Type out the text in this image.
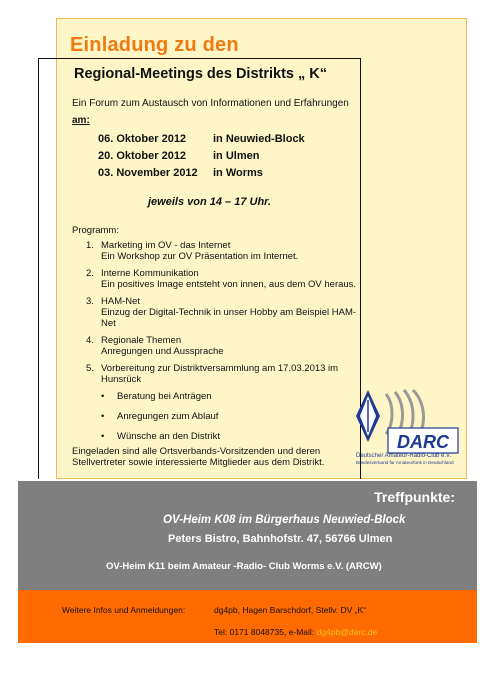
Einladung zu den
Regional-Meetings des Distrikts „ K“
Ein Forum zum Austausch von Informationen und Erfahrungen
am:
06. Oktober 2012	in Neuwied-Block
20. Oktober 2012	in Ulmen
03. November 2012	in Worms
jeweils von 14 – 17 Uhr.
Programm:
1. Marketing im OV - das Internet
Ein Workshop zur OV Präsentation im Internet.
2. Interne Kommunikation
Ein positives Image entsteht von innen, aus dem OV heraus.
3. HAM-Net
Einzug der Digital-Technik in unser Hobby am Beispiel HAM-Net
4. Regionale Themen
Anregungen und Aussprache
5. Vorbereitung zur Distriktversammlung am 17.03.2013 im Hunsrück
•	Beratung bei Anträgen
•	Anregungen zum Ablauf
•	Wünsche an den Distrikt
Eingeladen sind alle Ortsverbands-Vorsitzenden und deren Stellvertreter sowie interessierte Mitglieder aus dem Distrikt.
DARC
Deutscher Amateur-Radio-Club e.V.
Bundesverband für Amateurfunk in Deutschland
Treffpunkte:
OV-Heim K08 im Bürgerhaus Neuwied-Block
Peters Bistro, Bahnhofstr. 47, 56766 Ulmen
OV-Heim K11 beim Amateur -Radio- Club Worms e.V. (ARCW)
Weitere Infos und Anmeldungen:	dg4pb, Hagen Barschdorf, Stellv. DV „K“
Tel: 0171 8048735, e-Mail: dg4pb@darc.de
